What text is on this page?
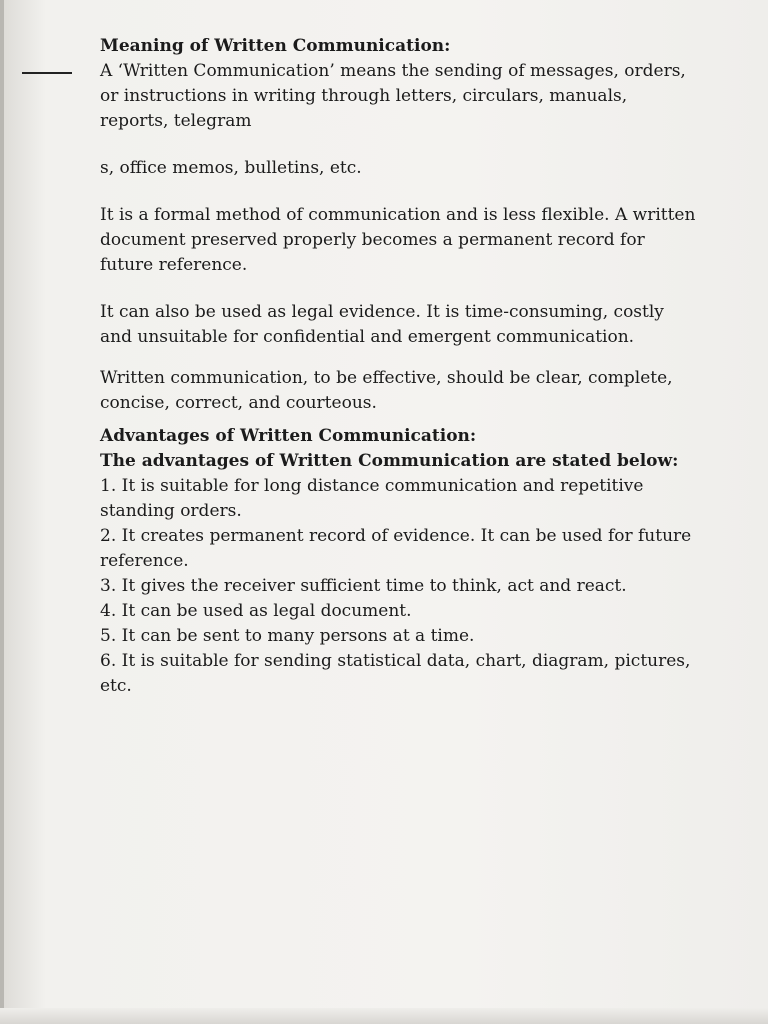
Meaning of Written Communication:

A ‘Written Communication’ means the sending of messages, orders, or instructions in writing through letters, circulars, manuals, reports, telegram

s, office memos, bulletins, etc.

It is a formal method of communication and is less flexible. A written document preserved properly becomes a permanent record for future reference.

It can also be used as legal evidence. It is time-consuming, costly and unsuitable for confidential and emergent communication.

Written communication, to be effective, should be clear, complete, concise, correct, and courteous.

Advantages of Written Communication:

The advantages of Written Communication are stated below:

1. It is suitable for long distance communication and repetitive standing orders.

2. It creates permanent record of evidence. It can be used for future reference.

3. It gives the receiver sufficient time to think, act and react.

4. It can be used as legal document.

5. It can be sent to many persons at a time.

6. It is suitable for sending statistical data, chart, diagram, pictures, etc.
